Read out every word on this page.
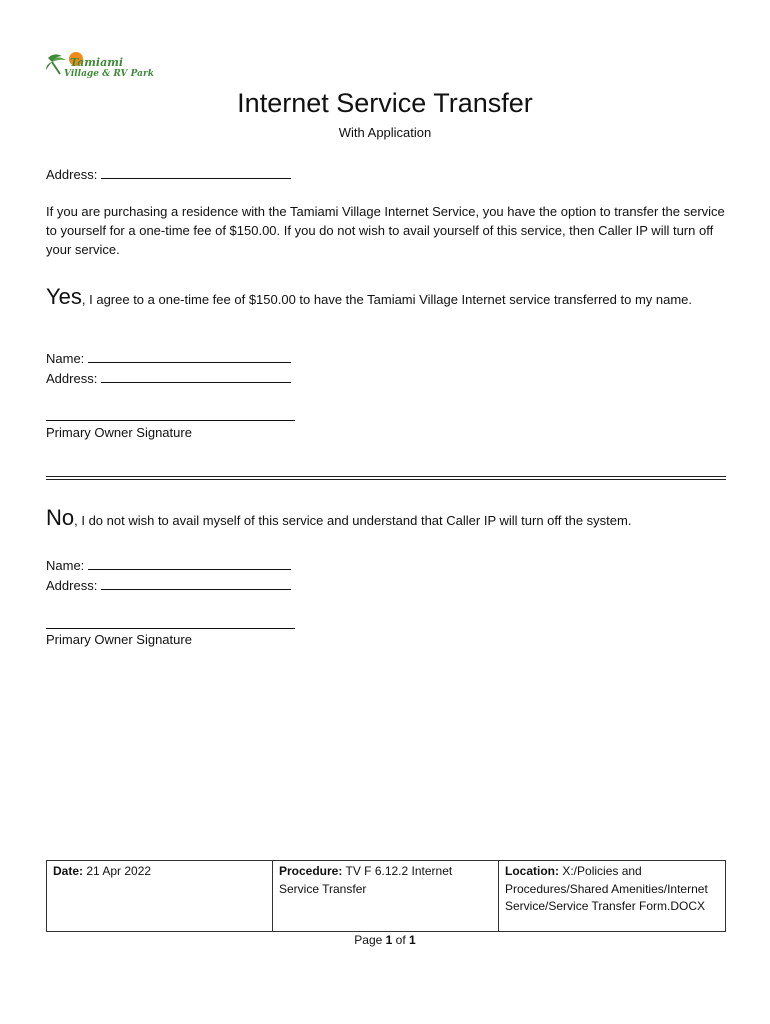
Tamiami
Village & RV Park
Internet Service Transfer
With Application
Address:
If you are purchasing a residence with the Tamiami Village Internet Service, you have the option to transfer the service to yourself for a one-time fee of $150.00. If you do not wish to avail yourself of this service, then Caller IP will turn off your service.
Yes, I agree to a one-time fee of $150.00 to have the Tamiami Village Internet service transferred to my name.
Name:
Address:
Primary Owner Signature
No, I do not wish to avail myself of this service and understand that Caller IP will turn off the system.
Name:
Address:
Primary Owner Signature
Date: 21 Apr 2022	Procedure: TV F 6.12.2 Internet Service Transfer	Location: X:/Policies and Procedures/Shared Amenities/Internet Service/Service Transfer Form.DOCX
Page 1 of 1
